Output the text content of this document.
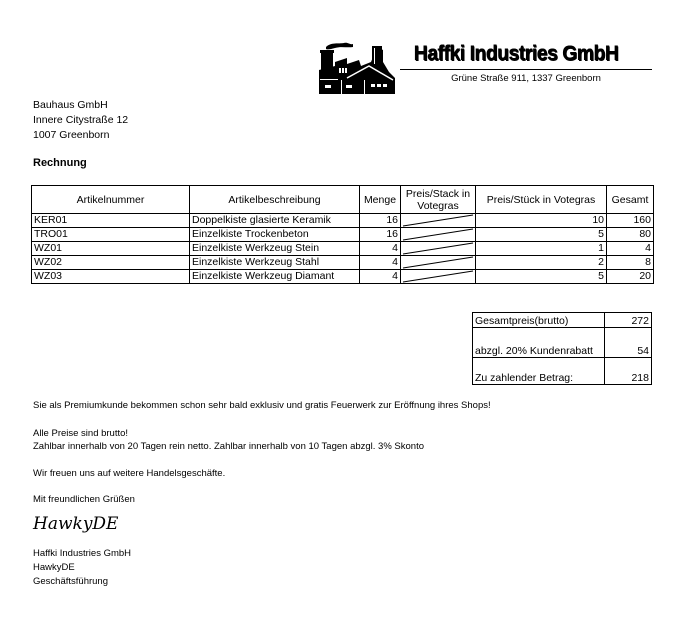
Haffki Industries GmbH
Grüne Straße 911, 1337 Greenborn
Bauhaus GmbH
Innere Citystraße 12
1007 Greenborn
Rechnung
Artikelnummer	Artikelbeschreibung	Menge	Preis/Stack in Votegras	Preis/Stück in Votegras	Gesamt
KER01	Doppelkiste glasierte Keramik	16		10	160
TRO01	Einzelkiste Trockenbeton	16		5	80
WZ01	Einzelkiste Werkzeug Stein	4		1	4
WZ02	Einzelkiste Werkzeug Stahl	4		2	8
WZ03	Einzelkiste Werkzeug Diamant	4		5	20
Gesamtpreis(brutto)	272
abzgl. 20% Kundenrabatt	54
Zu zahlender Betrag:	218
Sie als Premiumkunde bekommen schon sehr bald exklusiv und gratis Feuerwerk zur Eröffnung ihres Shops!
Alle Preise sind brutto!
Zahlbar innerhalb von 20 Tagen rein netto. Zahlbar innerhalb von 10 Tagen abzgl. 3% Skonto
Wir freuen uns auf weitere Handelsgeschäfte.
Mit freundlichen Grüßen
HawkyDE
Haffki Industries GmbH
HawkyDE
Geschäftsführung
